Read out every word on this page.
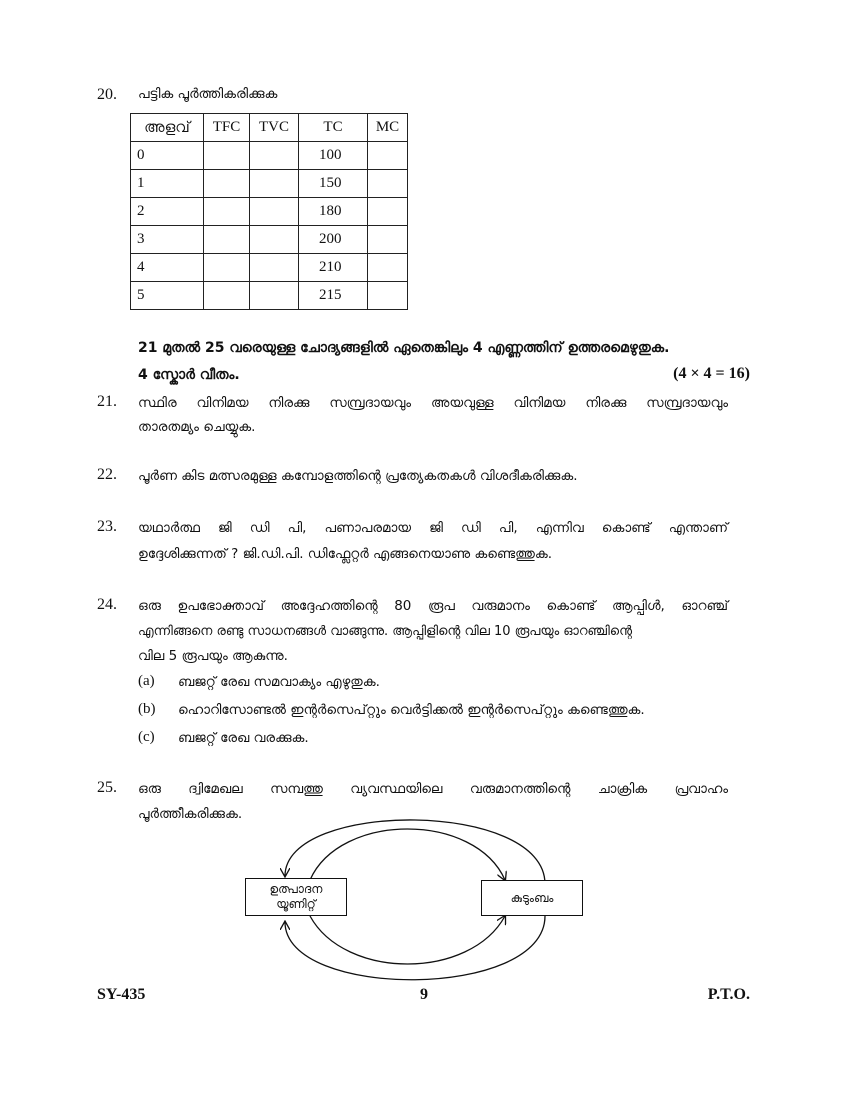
20. പട്ടിക പൂർത്തികരിക്കുക
അളവ്	TFC	TVC	TC	MC
0			100	
1			150	
2			180	
3			200	
4			210	
5			215	
21 മുതൽ 25 വരെയുള്ള ചോദ്യങ്ങളിൽ ഏതെങ്കിലും 4 എണ്ണത്തിന് ഉത്തരമെഴുതുക.
4 സ്കോർ വീതം.	(4 × 4 = 16)
21. സ്ഥിര വിനിമയ നിരക്കു സമ്പ്രദായവും അയവുള്ള വിനിമയ നിരക്കു സമ്പ്രദായവും
താരതമ്യം ചെയ്യുക.
22. പൂർണ കിട മത്സരമുള്ള കമ്പോളത്തിന്റെ പ്രത്യേകതകൾ വിശദീകരിക്കുക.
23. യഥാർത്ഥ ജി ഡി പി, പണാപരമായ ജി ഡി പി, എന്നിവ കൊണ്ട് എന്താണ്
ഉദ്ദേശിക്കുന്നത് ? ജി.ഡി.പി. ഡിഫ്ലേറ്റർ എങ്ങനെയാണു കണ്ടെത്തുക.
24. ഒരു ഉപഭോക്താവ് അദ്ദേഹത്തിന്റെ 80 രൂപ വരുമാനം കൊണ്ട് ആപ്പിൾ, ഓറഞ്ച്
എന്നിങ്ങനെ രണ്ടു സാധനങ്ങൾ വാങ്ങുന്നു. ആപ്പിളിന്റെ വില 10 രൂപയും ഓറഞ്ചിന്റെ
വില 5 രൂപയും ആകുന്നു.
(a) ബജറ്റ് രേഖ സമവാക്യം എഴുതുക.
(b) ഹൊറിസോണ്ടൽ ഇന്റർസെപ്റ്റും വെർട്ടിക്കൽ ഇന്റർസെപ്റ്റും കണ്ടെത്തുക.
(c) ബജറ്റ് രേഖ വരക്കുക.
25. ഒരു ദ്വിമേഖല സമ്പത്തു വ്യവസ്ഥയിലെ വരുമാനത്തിന്റെ ചാക്രിക പ്രവാഹം
പൂർത്തീകരിക്കുക.
ഉത്പാദന
യൂണിറ്റ്	കുടുംബം
SY-435	9	P.T.O.
